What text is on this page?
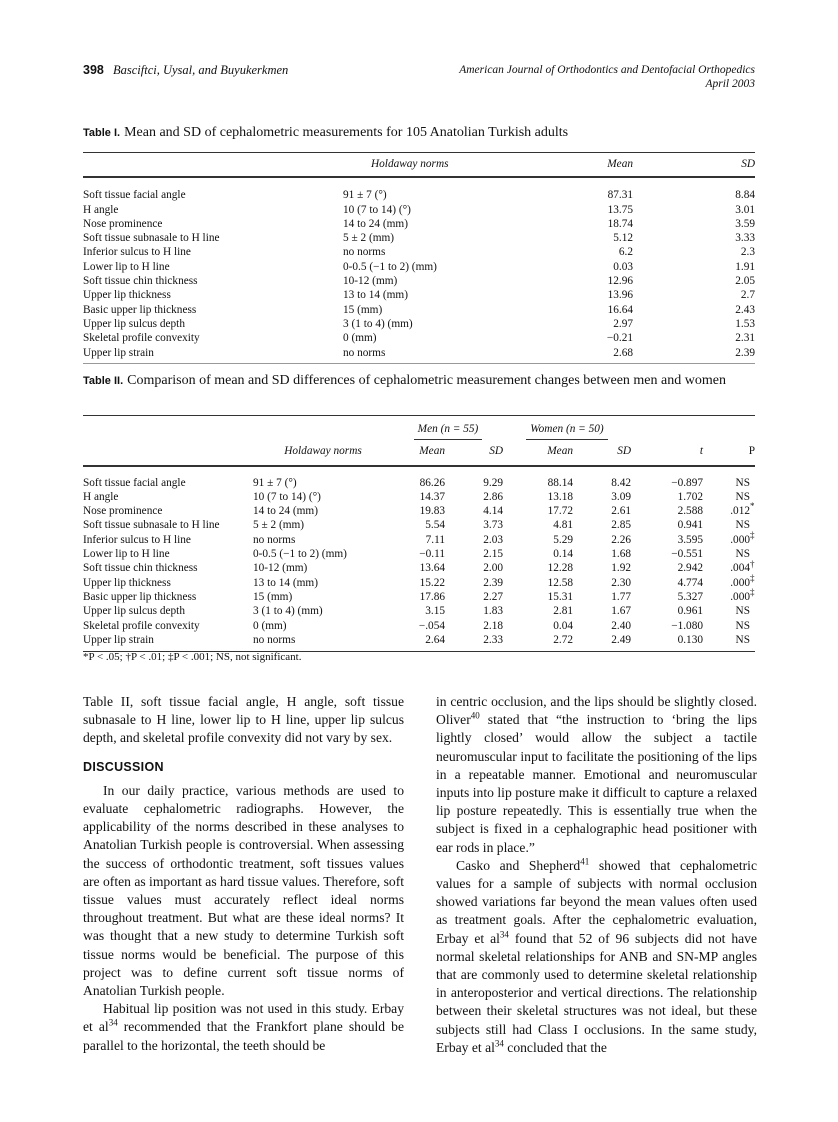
398 Basciftci, Uysal, and Buyukerkmen	American Journal of Orthodontics and Dentofacial Orthopedics
April 2003
Table I. Mean and SD of cephalometric measurements for 105 Anatolian Turkish adults
	Holdaway norms	Mean	SD
Soft tissue facial angle	91 ± 7 (°)	87.31	8.84
H angle	10 (7 to 14) (°)	13.75	3.01
Nose prominence	14 to 24 (mm)	18.74	3.59
Soft tissue subnasale to H line	5 ± 2 (mm)	5.12	3.33
Inferior sulcus to H line	no norms	6.2	2.3
Lower lip to H line	0-0.5 (−1 to 2) (mm)	0.03	1.91
Soft tissue chin thickness	10-12 (mm)	12.96	2.05
Upper lip thickness	13 to 14 (mm)	13.96	2.7
Basic upper lip thickness	15 (mm)	16.64	2.43
Upper lip sulcus depth	3 (1 to 4) (mm)	2.97	1.53
Skeletal profile convexity	0 (mm)	−0.21	2.31
Upper lip strain	no norms	2.68	2.39
Table II. Comparison of mean and SD differences of cephalometric measurement changes between men and women
		Men (n = 55)		Women (n = 50)			
	Holdaway norms	Mean	SD	Mean	SD	t	P
Soft tissue facial angle	91 ± 7 (°)	86.26	9.29	88.14	8.42	−0.897	NS
H angle	10 (7 to 14) (°)	14.37	2.86	13.18	3.09	1.702	NS
Nose prominence	14 to 24 (mm)	19.83	4.14	17.72	2.61	2.588	.012*
Soft tissue subnasale to H line	5 ± 2 (mm)	5.54	3.73	4.81	2.85	0.941	NS
Inferior sulcus to H line	no norms	7.11	2.03	5.29	2.26	3.595	.000‡
Lower lip to H line	0-0.5 (−1 to 2) (mm)	−0.11	2.15	0.14	1.68	−0.551	NS
Soft tissue chin thickness	10-12 (mm)	13.64	2.00	12.28	1.92	2.942	.004†
Upper lip thickness	13 to 14 (mm)	15.22	2.39	12.58	2.30	4.774	.000‡
Basic upper lip thickness	15 (mm)	17.86	2.27	15.31	1.77	5.327	.000‡
Upper lip sulcus depth	3 (1 to 4) (mm)	3.15	1.83	2.81	1.67	0.961	NS
Skeletal profile convexity	0 (mm)	−.054	2.18	0.04	2.40	−1.080	NS
Upper lip strain	no norms	2.64	2.33	2.72	2.49	0.130	NS
*P < .05; †P < .01; ‡P < .001; NS, not significant.

Table II, soft tissue facial angle, H angle, soft tissue subnasale to H line, lower lip to H line, upper lip sulcus depth, and skeletal profile convexity did not vary by sex.

DISCUSSION

In our daily practice, various methods are used to evaluate cephalometric radiographs. However, the applicability of the norms described in these analyses to Anatolian Turkish people is controversial. When assessing the success of orthodontic treatment, soft tissues values are often as important as hard tissue values. Therefore, soft tissue values must accurately reflect ideal norms throughout treatment. But what are these ideal norms? It was thought that a new study to determine Turkish soft tissue norms would be beneficial. The purpose of this project was to define current soft tissue norms of Anatolian Turkish people.

Habitual lip position was not used in this study. Erbay et $al^{34}$ recommended that the Frankfort plane should be parallel to the horizontal, the teeth should be

in centric occlusion, and the lips should be slightly closed. Oliver$^{40}$ stated that “the instruction to ‘bring the lips lightly closed’ would allow the subject a tactile neuromuscular input to facilitate the positioning of the lips in a repeatable manner. Emotional and neuromuscular inputs into lip posture make it difficult to capture a relaxed lip posture repeatedly. This is essentially true when the subject is fixed in a cephalographic head positioner with ear rods in place.”

Casko and Shepherd$^{41}$ showed that cephalometric values for a sample of subjects with normal occlusion showed variations far beyond the mean values often used as treatment goals. After the cephalometric evaluation, Erbay et $al^{34}$ found that 52 of 96 subjects did not have normal skeletal relationships for ANB and SN-MP angles that are commonly used to determine skeletal relationship in anteroposterior and vertical directions. The relationship between their skeletal structures was not ideal, but these subjects still had Class I occlusions. In the same study, Erbay et $al^{34}$ concluded that the
